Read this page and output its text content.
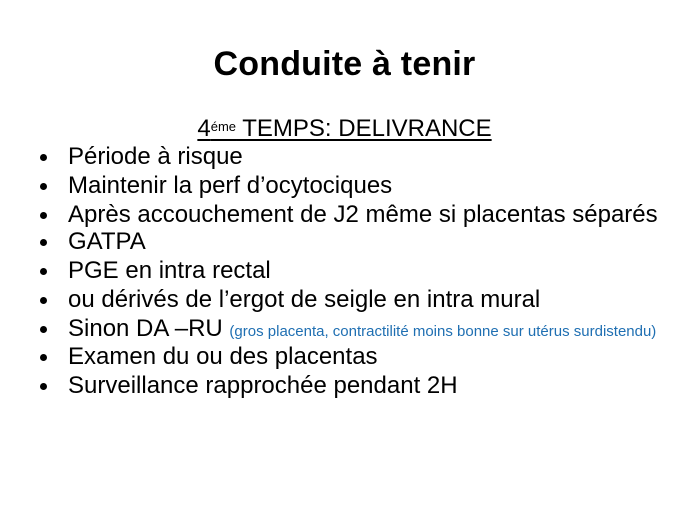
Conduite à tenir
$4^{éme}$ TEMPS: DELIVRANCE
Période à risque
Maintenir la perf d’ocytociques
Après accouchement de J2 même si placentas séparés
GATPA
PGE en intra rectal
ou dérivés de l’ergot de seigle en intra mural
Sinon DA –RU (gros placenta, contractilité moins bonne sur utérus surdistendu)
Examen du ou des placentas
Surveillance rapprochée pendant 2H
